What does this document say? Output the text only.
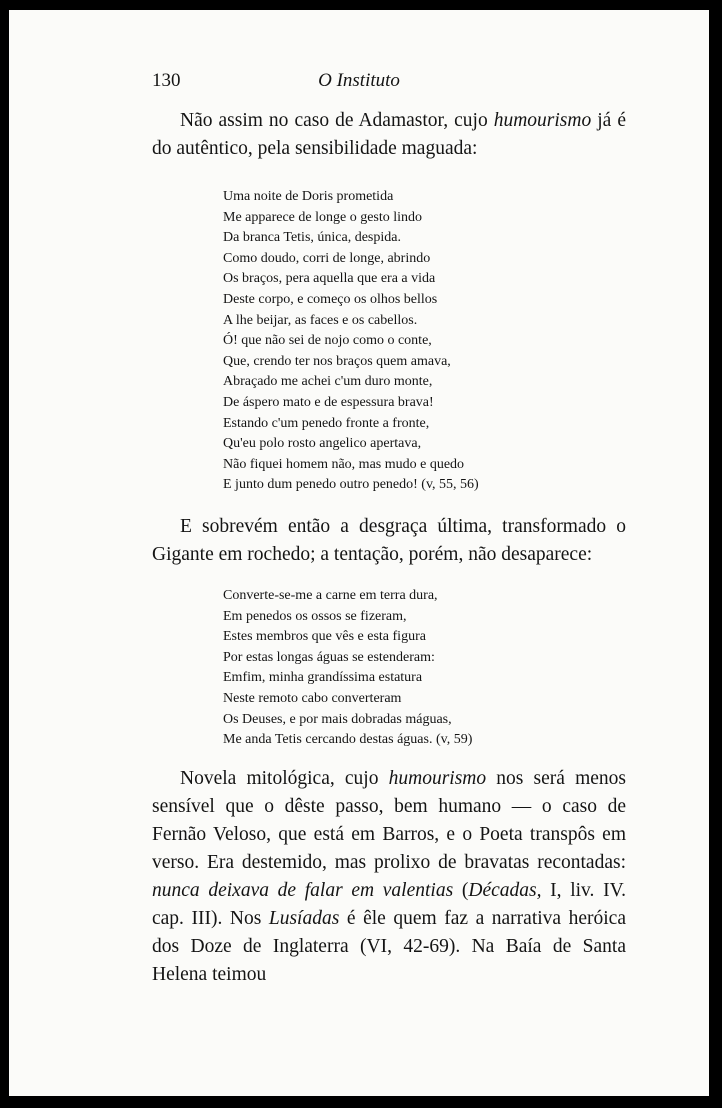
130	O Instituto

Não assim no caso de Adamastor, cujo humourismo já é do autêntico, pela sensibilidade maguada:

Uma noite de Doris prometida
Me apparece de longe o gesto lindo
Da branca Tetis, única, despida.
Como doudo, corri de longe, abrindo
Os braços, pera aquella que era a vida
Deste corpo, e começo os olhos bellos
A lhe beijar, as faces e os cabellos.
Ó! que não sei de nojo como o conte,
Que, crendo ter nos braços quem amava,
Abraçado me achei c'um duro monte,
De áspero mato e de espessura brava!
Estando c'um penedo fronte a fronte,
Qu'eu polo rosto angelico apertava,
Não fiquei homem não, mas mudo e quedo
E junto dum penedo outro penedo! (v, 55, 56)

E sobrevém então a desgraça última, transformado o Gigante em rochedo; a tentação, porém, não desaparece:

Converte-se-me a carne em terra dura,
Em penedos os ossos se fizeram,
Estes membros que vês e esta figura
Por estas longas águas se estenderam:
Emfim, minha grandíssima estatura
Neste remoto cabo converteram
Os Deuses, e por mais dobradas máguas,
Me anda Tetis cercando destas águas. (v, 59)

Novela mitológica, cujo humourismo nos será menos sensível que o dêste passo, bem humano — o caso de Fernão Veloso, que está em Barros, e o Poeta transpôs em verso. Era destemido, mas prolixo de bravatas recontadas: nunca deixava de falar em valentias (Décadas, I, liv. IV. cap. III). Nos Lusíadas é êle quem faz a narrativa heróica dos Doze de Inglaterra (VI, 42-69). Na Baía de Santa Helena teimou
